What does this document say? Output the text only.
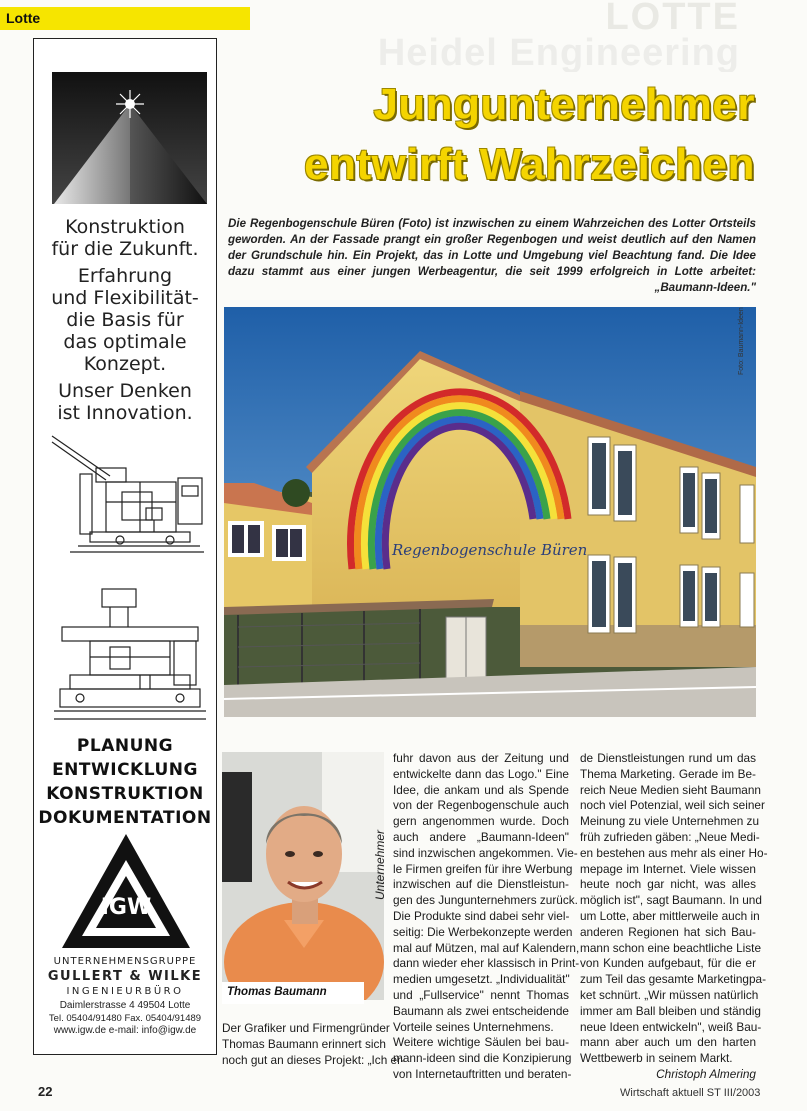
Lotte	LOTTE
Heidel Engineering
Konstruktion
für die Zukunft.
Erfahrung
und Flexibilität-
die Basis für
das optimale
Konzept.
Unser Denken
ist Innovation.
PLANUNG
ENTWICKLUNG
KONSTRUKTION
DOKUMENTATION
IGW
UNTERNEHMENSGRUPPE
GULLERT & WILKE
INGENIEURBÜRO
Daimlerstrasse 4 49504 Lotte
Tel. 05404/91480 Fax. 05404/91489
www.igw.de e-mail: info@igw.de
Jungunternehmer
entwirft Wahrzeichen
Die Regenbogenschule Büren (Foto) ist inzwischen zu einem Wahrzeichen des Lotter Ortsteils geworden. An der Fassade prangt ein großer Regenbogen und weist deutlich auf den Namen der Grundschule hin. Ein Projekt, das in Lotte und Umgebung viel Beachtung fand. Die Idee dazu stammt aus einer jungen Werbeagentur, die seit 1999 erfolgreich in Lotte arbeitet: „Baumann-Ideen."
Regenbogenschule Büren
Foto: Baumann-Ideen
Thomas Baumann
Unternehmer

Der Grafiker und Firmengründer

Thomas Baumann erinnert sich

noch gut an dieses Projekt: „Ich er-

fuhr davon aus der Zeitung und

entwickelte dann das Logo." Eine

Idee, die ankam und als Spende

von der Regenbogenschule auch

gern angenommen wurde. Doch

auch andere „Baumann-Ideen"

sind inzwischen angekommen. Vie-

le Firmen greifen für ihre Werbung

inzwischen auf die Dienstleistun-

gen des Jungunternehmers zurück.

Die Produkte sind dabei sehr viel-

seitig: Die Werbekonzepte werden

mal auf Mützen, mal auf Kalendern,

dann wieder eher klassisch in Print-

medien umgesetzt. „Individualität"

und „Fullservice" nennt Thomas

Baumann als zwei entscheidende

Vorteile seines Unternehmens.

Weitere wichtige Säulen bei bau-

mann-ideen sind die Konzipierung

von Internetauftritten und beraten-

de Dienstleistungen rund um das

Thema Marketing. Gerade im Be-

reich Neue Medien sieht Baumann

noch viel Potenzial, weil sich seiner

Meinung zu viele Unternehmen zu

früh zufrieden gäben: „Neue Medi-

en bestehen aus mehr als einer Ho-

mepage im Internet. Viele wissen

heute noch gar nicht, was alles

möglich ist", sagt Baumann. In und

um Lotte, aber mittlerweile auch in

anderen Regionen hat sich Bau-

mann schon eine beachtliche Liste

von Kunden aufgebaut, für die er

zum Teil das gesamte Marketingpa-

ket schnürt. „Wir müssen natürlich

immer am Ball bleiben und ständig

neue Ideen entwickeln", weiß Bau-

mann aber auch um den harten

Wettbewerb in seinem Markt.

Christoph Almering

22	Wirtschaft aktuell ST III/2003
